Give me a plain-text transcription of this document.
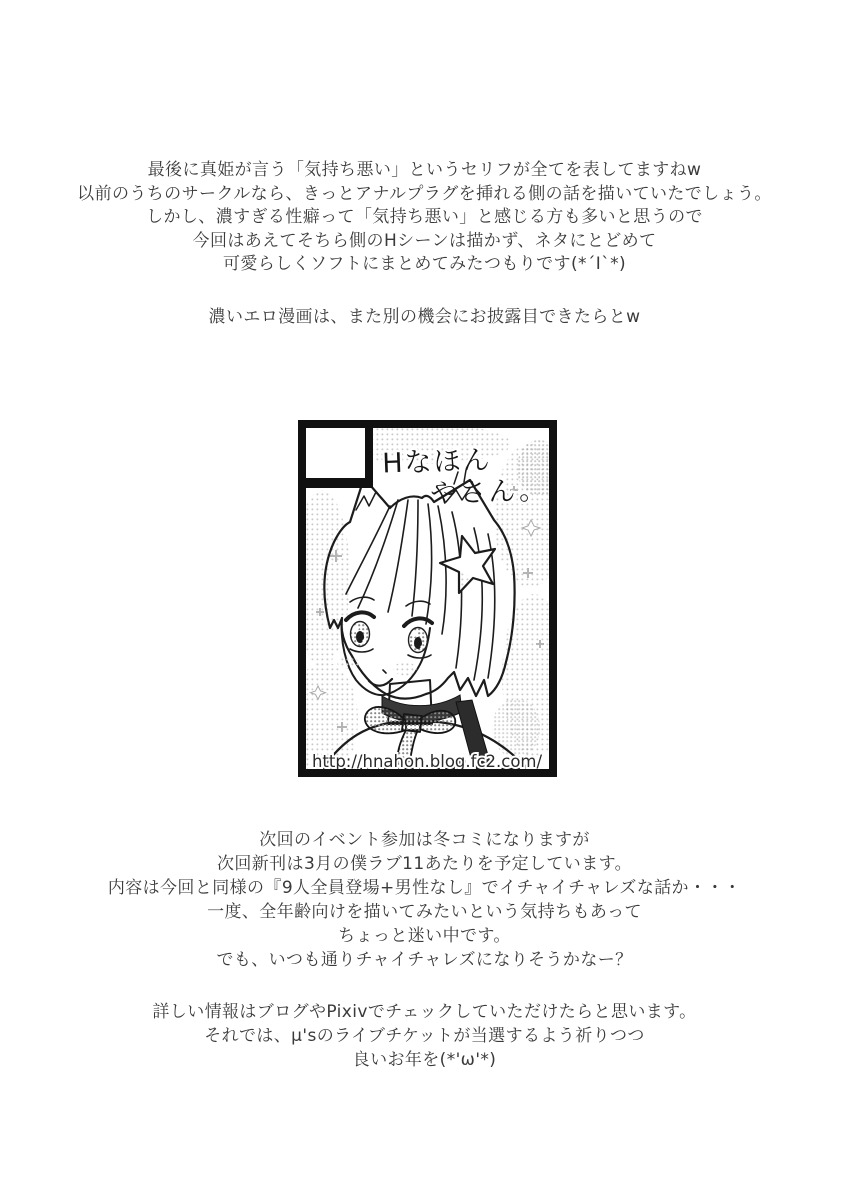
最後に真姫が言う「気持ち悪い」というセリフが全てを表してますねw
以前のうちのサークルなら、きっとアナルプラグを挿れる側の話を描いていたでしょう。
しかし、濃すぎる性癖って「気持ち悪い」と感じる方も多いと思うので
今回はあえてそちら側のHシーンは描かず、ネタにとどめて
可愛らしくソフトにまとめてみたつもりです(*´I`*)
濃いエロ漫画は、また別の機会にお披露目できたらとw
Hなほん
やさん。
http://hnahon.blog.fc2.com/
次回のイベント参加は冬コミになりますが
次回新刊は3月の僕ラブ11あたりを予定しています。
内容は今回と同様の『9人全員登場+男性なし』でイチャイチャレズな話か・・・
一度、全年齢向けを描いてみたいという気持ちもあって
ちょっと迷い中です。
でも、いつも通りチャイチャレズになりそうかなー？
詳しい情報はブログやPixivでチェックしていただけたらと思います。
それでは、μ'sのライブチケットが当選するよう祈りつつ
良いお年を(*'ω'*)
